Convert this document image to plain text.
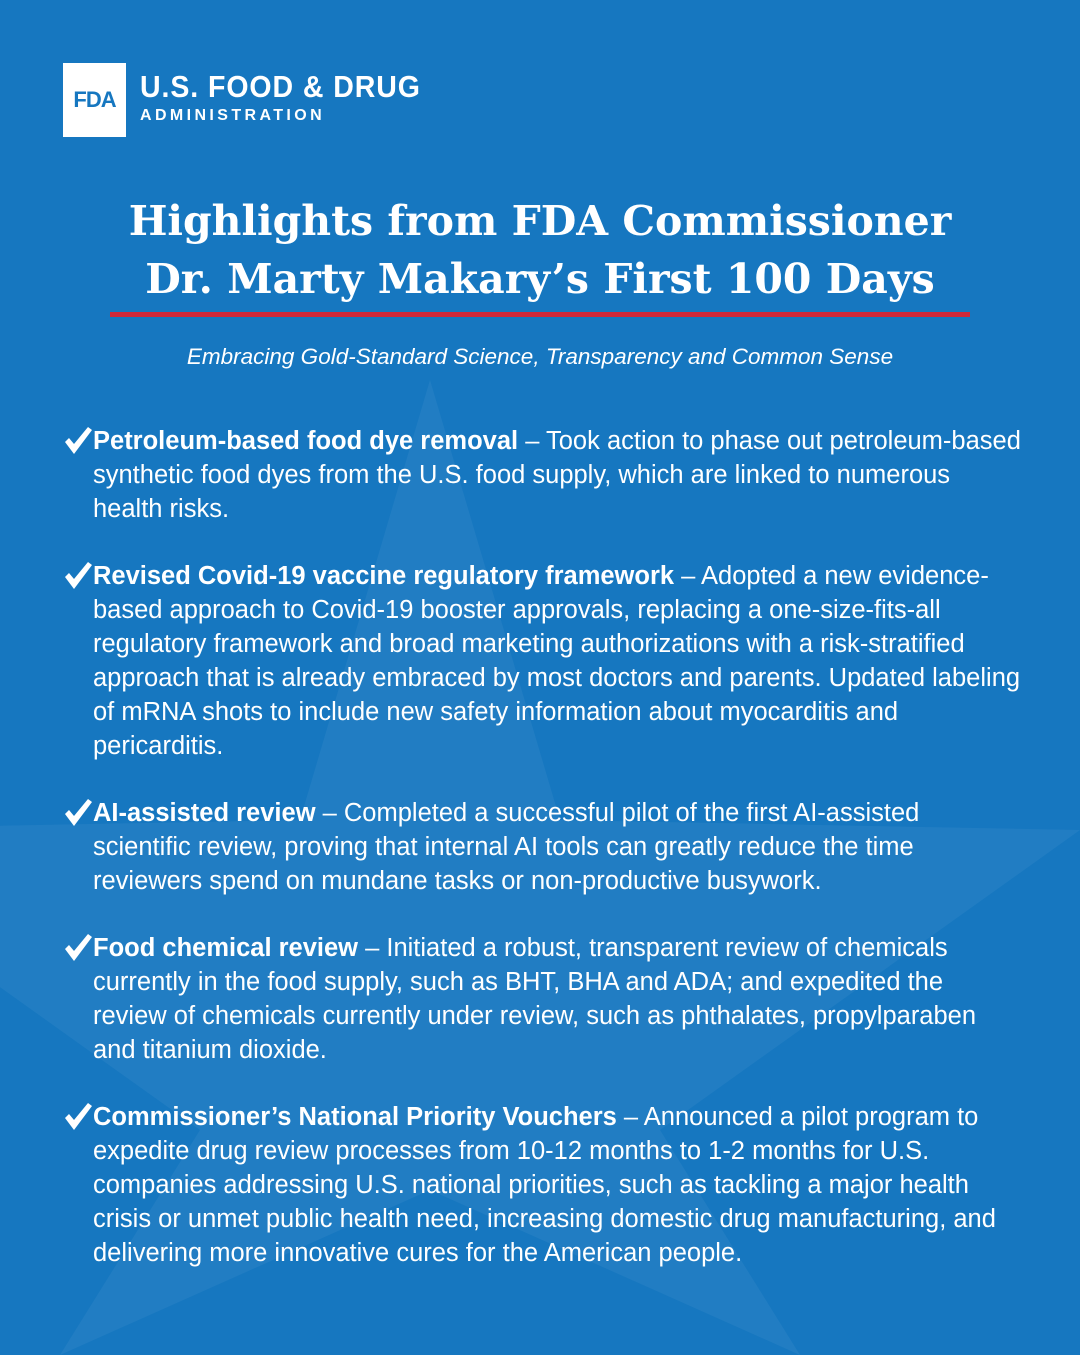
FDA U.S. FOOD & DRUG
ADMINISTRATION
Highlights from FDA Commissioner
Dr. Marty Makary’s First 100 Days
Embracing Gold-Standard Science, Transparency and Common Sense
Petroleum-based food dye removal – Took action to phase out petroleum-based synthetic food dyes from the U.S. food supply, which are linked to numerous health risks.
Revised Covid-19 vaccine regulatory framework – Adopted a new evidence-based approach to Covid-19 booster approvals, replacing a one-size-fits-all regulatory framework and broad marketing authorizations with a risk-stratified approach that is already embraced by most doctors and parents. Updated labeling of mRNA shots to include new safety information about myocarditis and pericarditis.
AI-assisted review – Completed a successful pilot of the first AI-assisted scientific review, proving that internal AI tools can greatly reduce the time reviewers spend on mundane tasks or non-productive busywork.
Food chemical review – Initiated a robust, transparent review of chemicals currently in the food supply, such as BHT, BHA and ADA; and expedited the review of chemicals currently under review, such as phthalates, propylparaben and titanium dioxide.
Commissioner’s National Priority Vouchers – Announced a pilot program to expedite drug review processes from 10-12 months to 1-2 months for U.S. companies addressing U.S. national priorities, such as tackling a major health crisis or unmet public health need, increasing domestic drug manufacturing, and delivering more innovative cures for the American people.
